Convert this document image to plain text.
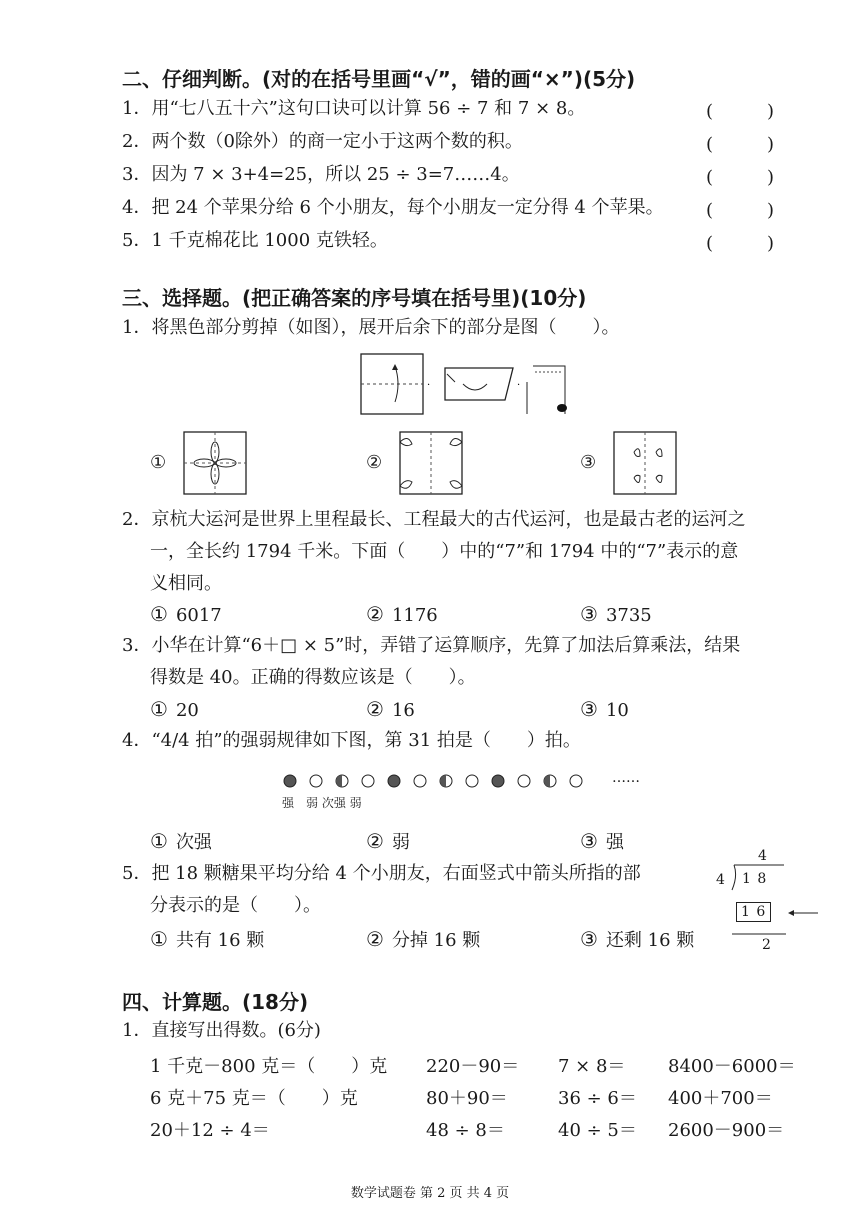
二、仔细判断。(对的在括号里画“√”，错的画“×”)(5分)
1．用“七八五十六”这句口诀可以计算 56 ÷ 7 和 7 × 8。	(　　　)
2．两个数（0除外）的商一定小于这两个数的积。	(　　　)
3．因为 7 × 3+4=25，所以 25 ÷ 3=7……4。	(　　　)
4．把 24 个苹果分给 6 个小朋友，每个小朋友一定分得 4 个苹果。 (　　　)
5．1 千克棉花比 1000 克铁轻。	(　　　)
三、选择题。(把正确答案的序号填在括号里)(10分)
1．将黑色部分剪掉（如图），展开后余下的部分是图（　　）。
·	·
①	②	③
2．京杭大运河是世界上里程最长、工程最大的古代运河，也是最古老的运河之
一，全长约 1794 千米。下面（　　）中的“7”和 1794 中的“7”表示的意
义相同。
① 6017	② 1176	③ 3735
3．小华在计算“6＋□ × 5”时，弄错了运算顺序，先算了加法后算乘法，结果
得数是 40。正确的得数应该是（　　）。
① 20	② 16	③ 10
4．“4/4 拍”的强弱规律如下图，第 31 拍是（　　）拍。
……
强　弱 次强 弱
① 次强	② 弱	③ 强
5．把 18 颗糖果平均分给 4 个小朋友，右面竖式中箭头所指的部
分表示的是（　　）。
① 共有 16 颗	② 分掉 16 颗	③ 还剩 16 颗
4
4 1 8
1 6
2
四、计算题。(18分)
1．直接写出得数。(6分)
1 千克－800 克＝（　　）克 220－90＝ 7 × 8＝ 8400－6000＝
6 克＋75 克＝（　　）克	80＋90＝	36 ÷ 6＝ 400＋700＝
20＋12 ÷ 4＝	48 ÷ 8＝	40 ÷ 5＝ 2600－900＝
数学试题卷 第 2 页 共 4 页
